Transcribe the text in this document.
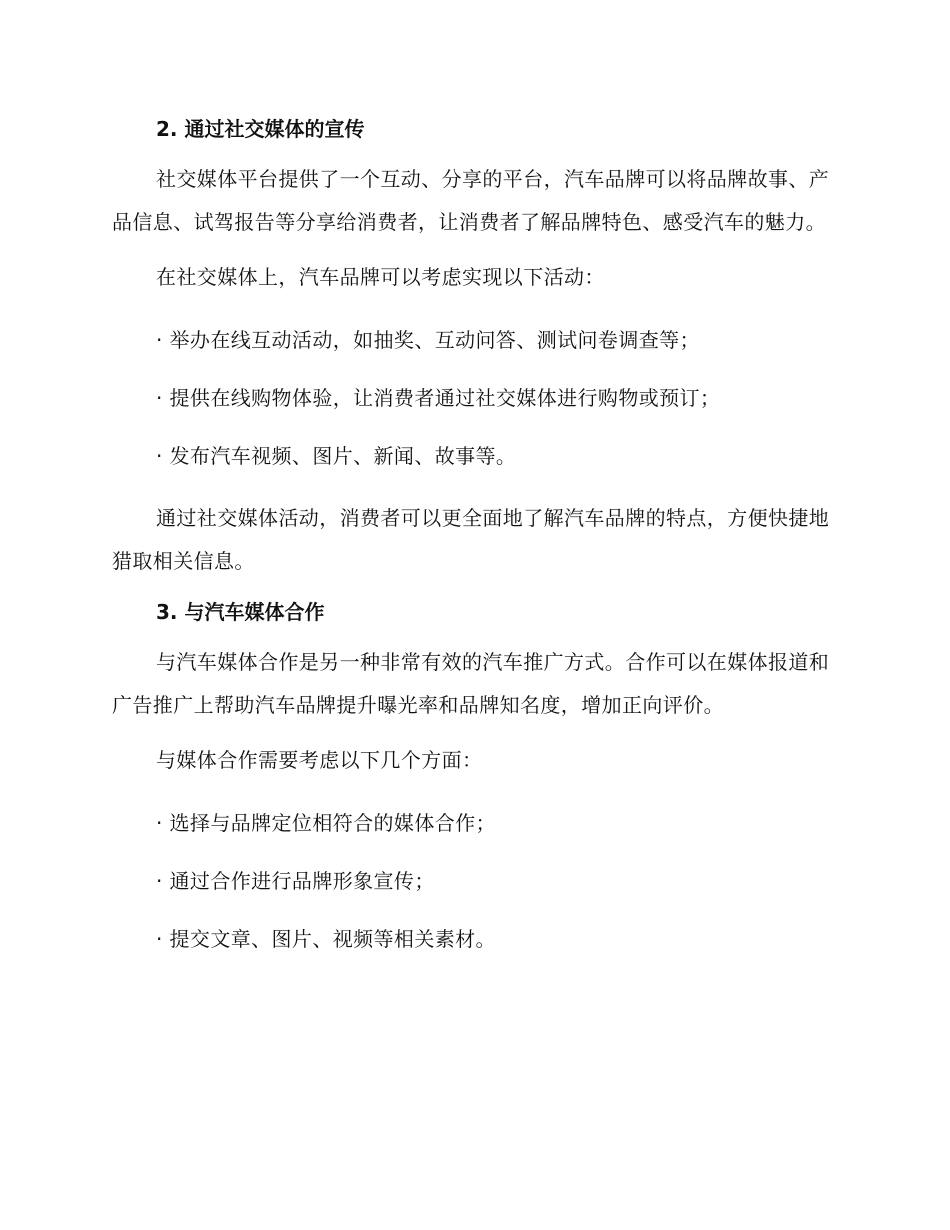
2. 通过社交媒体的宣传

社交媒体平台提供了一个互动、分享的平台，汽车品牌可以将品牌故事、产品信息、试驾报告等分享给消费者，让消费者了解品牌特色、感受汽车的魅力。

在社交媒体上，汽车品牌可以考虑实现以下活动：

· 举办在线互动活动，如抽奖、互动问答、测试问卷调查等；

· 提供在线购物体验，让消费者通过社交媒体进行购物或预订；

· 发布汽车视频、图片、新闻、故事等。

通过社交媒体活动，消费者可以更全面地了解汽车品牌的特点，方便快捷地猎取相关信息。

3. 与汽车媒体合作

与汽车媒体合作是另一种非常有效的汽车推广方式。合作可以在媒体报道和广告推广上帮助汽车品牌提升曝光率和品牌知名度，增加正向评价。

与媒体合作需要考虑以下几个方面：

· 选择与品牌定位相符合的媒体合作；

· 通过合作进行品牌形象宣传；

· 提交文章、图片、视频等相关素材。
